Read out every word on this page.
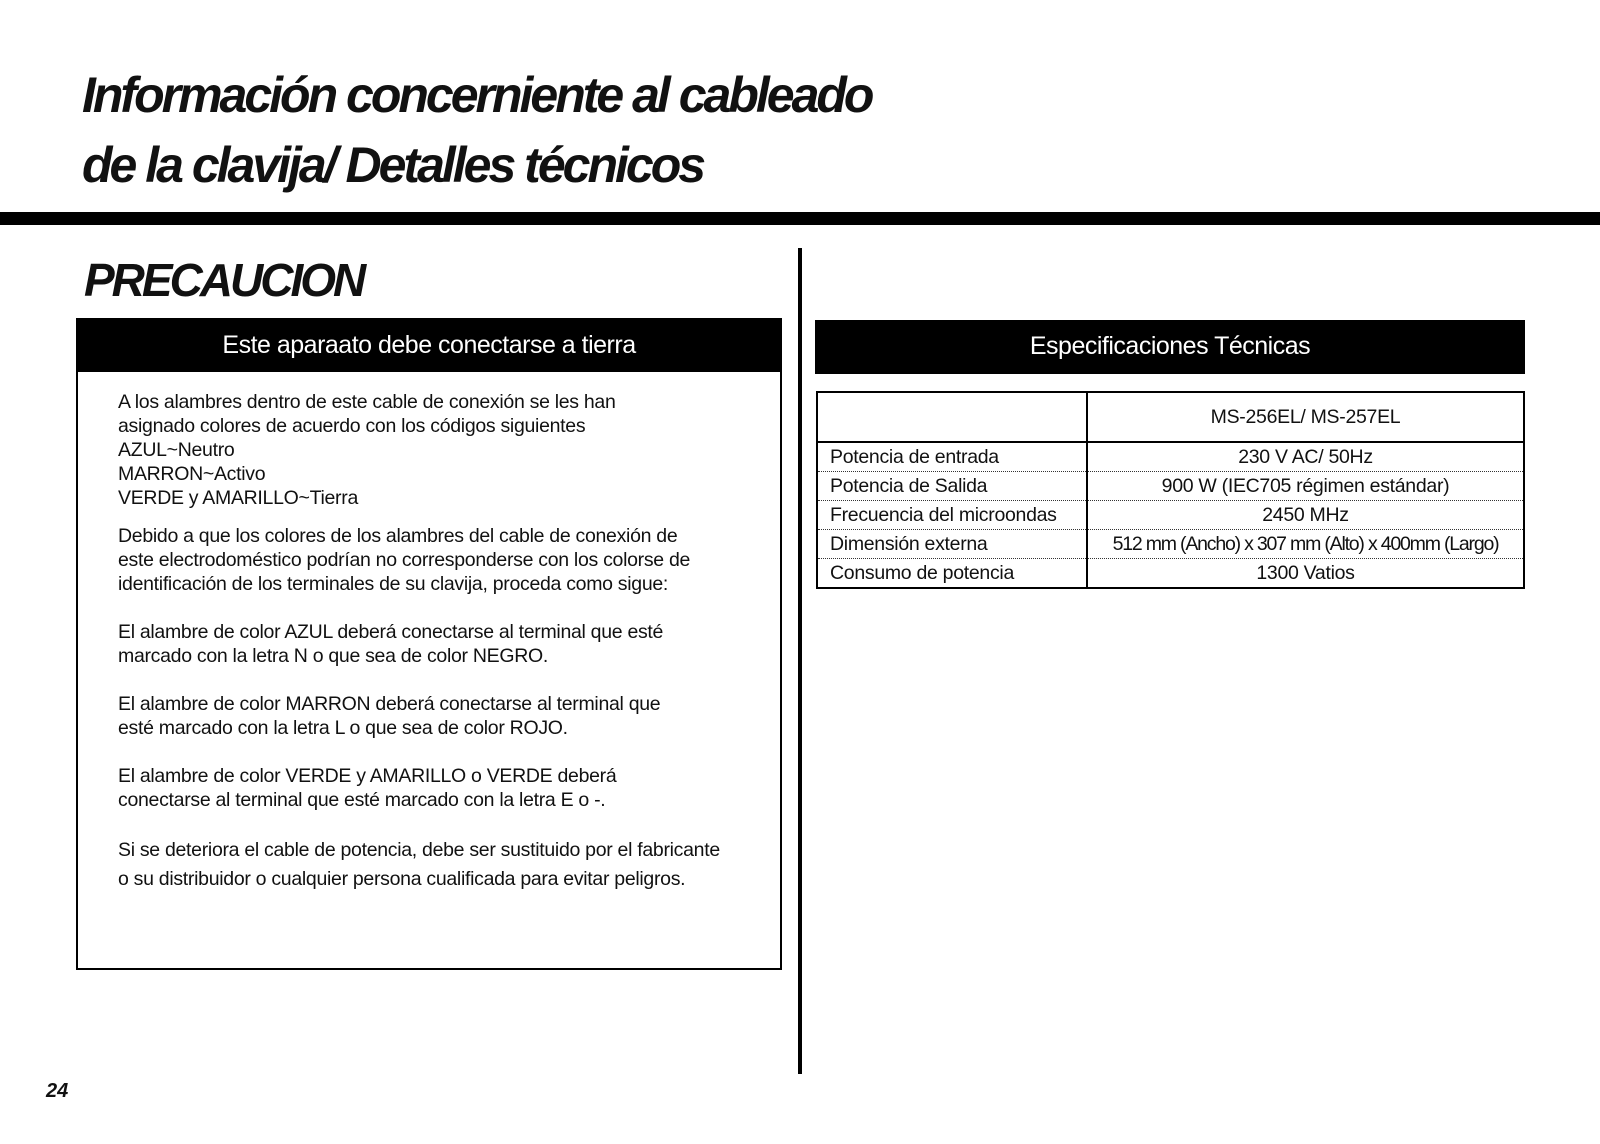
Información concerniente al cableado
de la clavija/ Detalles técnicos
PRECAUCION
Este aparaato debe conectarse a tierra

A los alambres dentro de este cable de conexión se les han
asignado colores de acuerdo con los códigos siguientes
AZUL~Neutro
MARRON~Activo
VERDE y AMARILLO~Tierra

Debido a que los colores de los alambres del cable de conexión de
este electrodoméstico podrían no corresponderse con los colorse de
identificación de los terminales de su clavija, proceda como sigue:

El alambre de color AZUL deberá conectarse al terminal que esté
marcado con la letra N o que sea de color NEGRO.

El alambre de color MARRON deberá conectarse al terminal que
esté marcado con la letra L o que sea de color ROJO.

El alambre de color VERDE y AMARILLO o VERDE deberá
conectarse al terminal que esté marcado con la letra E o -.

Si se deteriora el cable de potencia, debe ser sustituido por el fabricante
o su distribuidor o cualquier persona cualificada para evitar peligros.

Especificaciones Técnicas
	MS-256EL/ MS-257EL
Potencia de entrada	230 V AC/ 50Hz
Potencia de Salida	900 W (IEC705 régimen estándar)
Frecuencia del microondas	2450 MHz
Dimensión externa	512 mm (Ancho) x 307 mm (Alto) x 400mm (Largo)
Consumo de potencia	1300 Vatios
24
